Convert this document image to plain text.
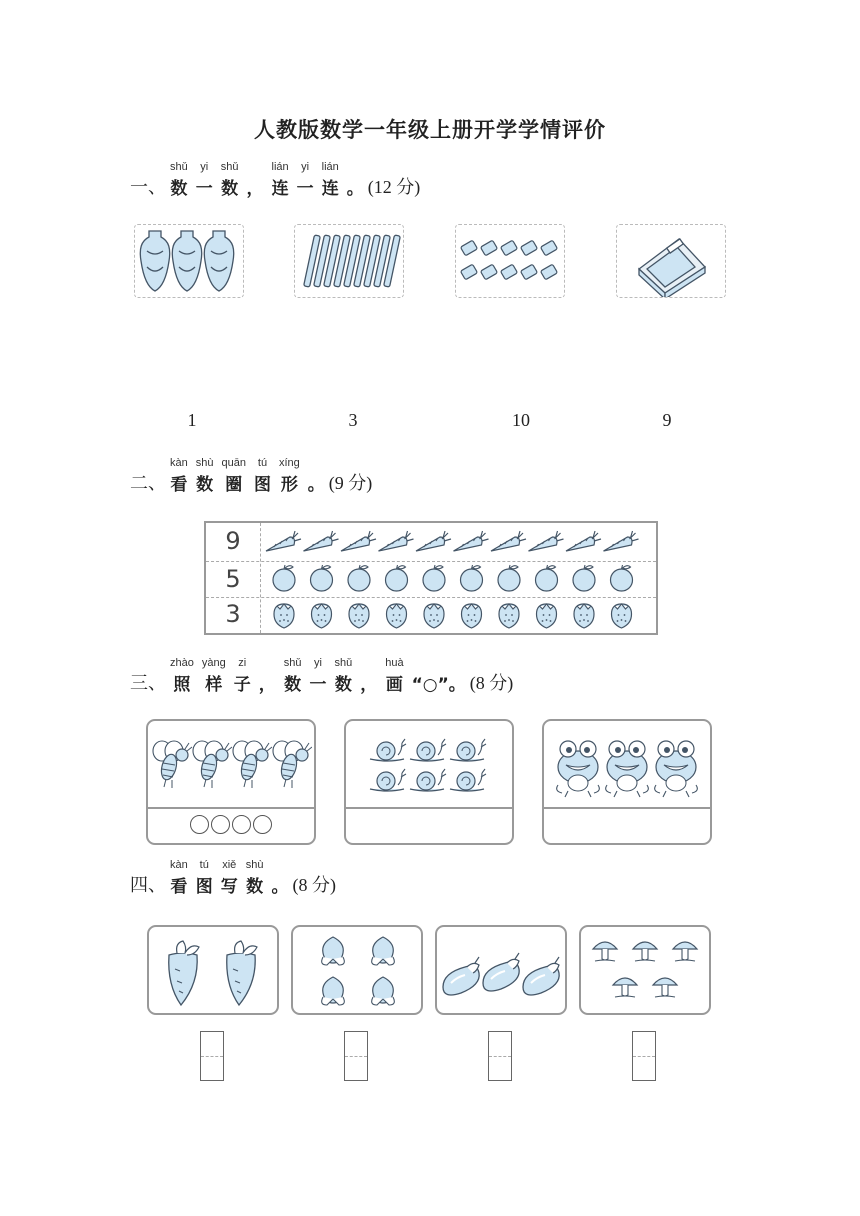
人教版数学一年级上册开学学情评价
一、
shǔ
数
yi
一
shǔ
数 ，
lián
连
yi
一
lián
连 。 (12 分)
1	3	10	9
二、
kàn
看
shù
数
quān
圈
tú
图
xíng
形 。 (9 分)
9
5
3
三、
zhào
照
yàng
样
zi
子 ，
shǔ
数
yi
一
shǔ
数 ，
huà
画 “○”。 (8 分)
四、
kàn
看
tú
图
xiě
写
shù
数 。 (8 分)
